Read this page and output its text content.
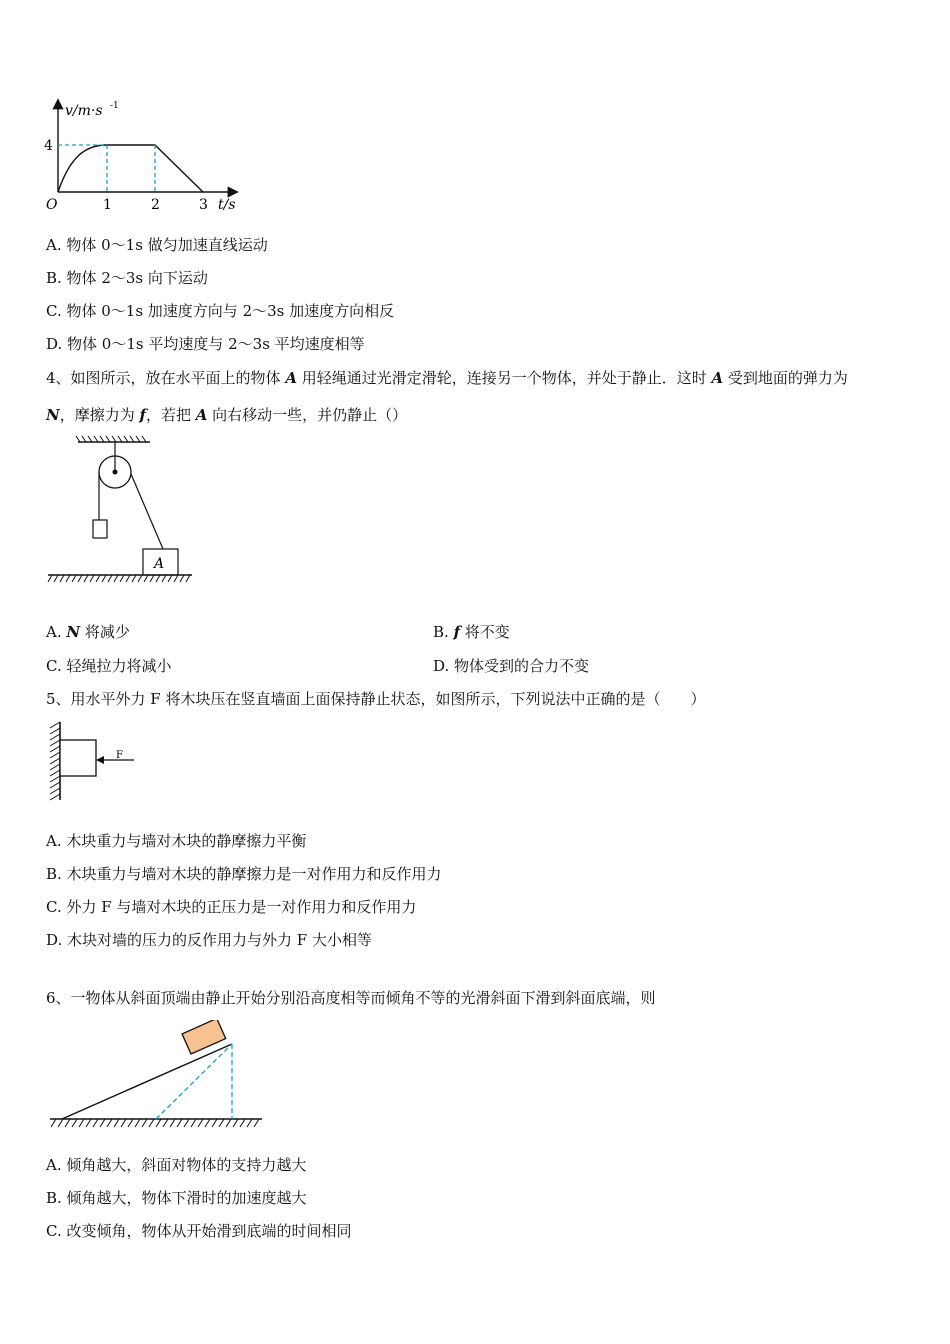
v/m·s -1
4
O	1	2	3 t/s
A. 物体 0～1s 做匀加速直线运动
B. 物体 2～3s 向下运动
C. 物体 0～1s 加速度方向与 2～3s 加速度方向相反
D. 物体 0～1s 平均速度与 2～3s 平均速度相等
4、如图所示，放在水平面上的物体 A 用轻绳通过光滑定滑轮，连接另一个物体，并处于静止．这时 A 受到地面的弹力为
N，摩擦力为 f，若把 A 向右移动一些，并仍静止（）
A
A. N 将减少	B. f 将不变
C. 轻绳拉力将减小	D. 物体受到的合力不变
5、用水平外力 F 将木块压在竖直墙面上面保持静止状态，如图所示，下列说法中正确的是（　　）
F
A. 木块重力与墙对木块的静摩擦力平衡
B. 木块重力与墙对木块的静摩擦力是一对作用力和反作用力
C. 外力 F 与墙对木块的正压力是一对作用力和反作用力
D. 木块对墙的压力的反作用力与外力 F 大小相等
6、一物体从斜面顶端由静止开始分别沿高度相等而倾角不等的光滑斜面下滑到斜面底端，则
A. 倾角越大，斜面对物体的支持力越大
B. 倾角越大，物体下滑时的加速度越大
C. 改变倾角，物体从开始滑到底端的时间相同
